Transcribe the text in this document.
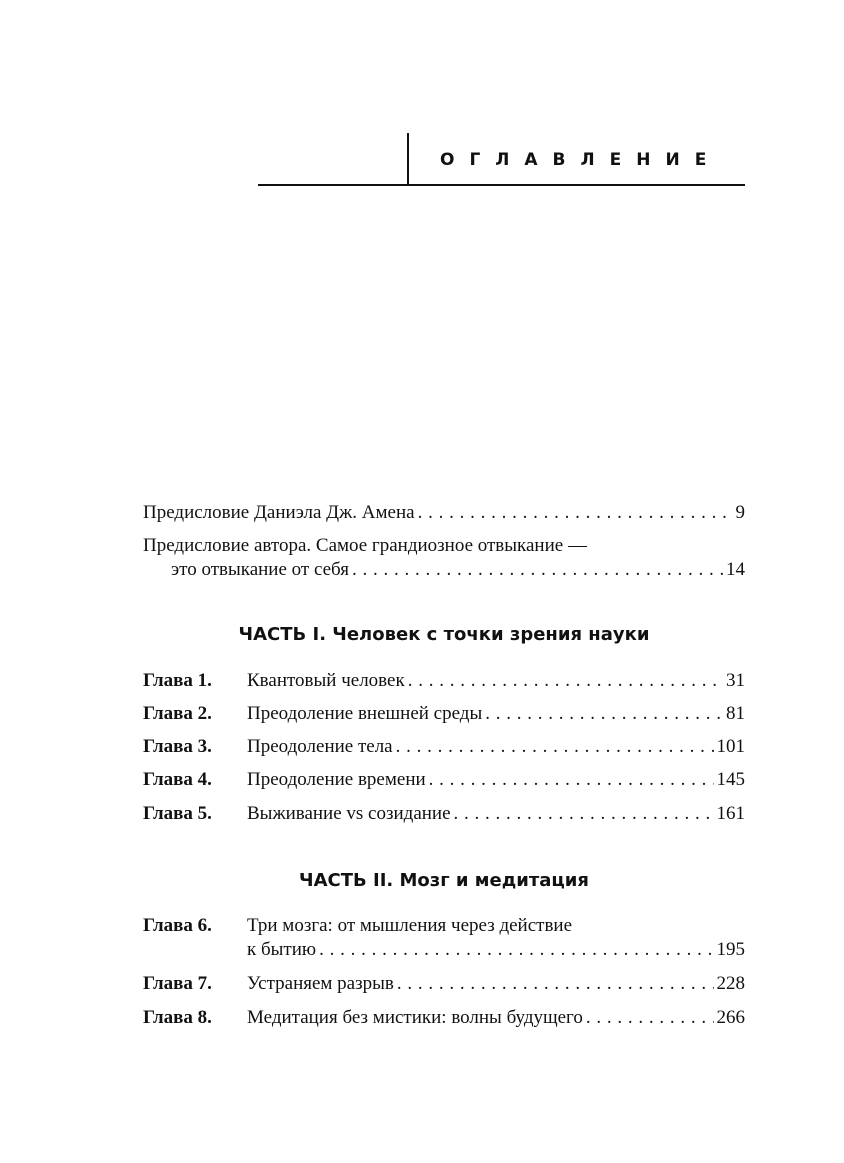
ОГЛАВЛЕНИЕ
Предисловие Даниэла Дж. Амена . . .	9
Предисловие автора. Самое грандиозное отвыкание —
это отвыкание от себя . . .	14
ЧАСТЬ I. Человек с точки зрения науки
Глава 1.	Квантовый человек . . .	31
Глава 2.	Преодоление внешней среды . . .	81
Глава 3.	Преодоление тела . . .	101
Глава 4.	Преодоление времени . . .	145
Глава 5.	Выживание vs созидание . . .	161
ЧАСТЬ II. Мозг и медитация
Глава 6.	Три мозга: от мышления через действие
к бытию . . .	195
Глава 7.	Устраняем разрыв . . .	228
Глава 8.	Медитация без мистики: волны будущего . . .	266
